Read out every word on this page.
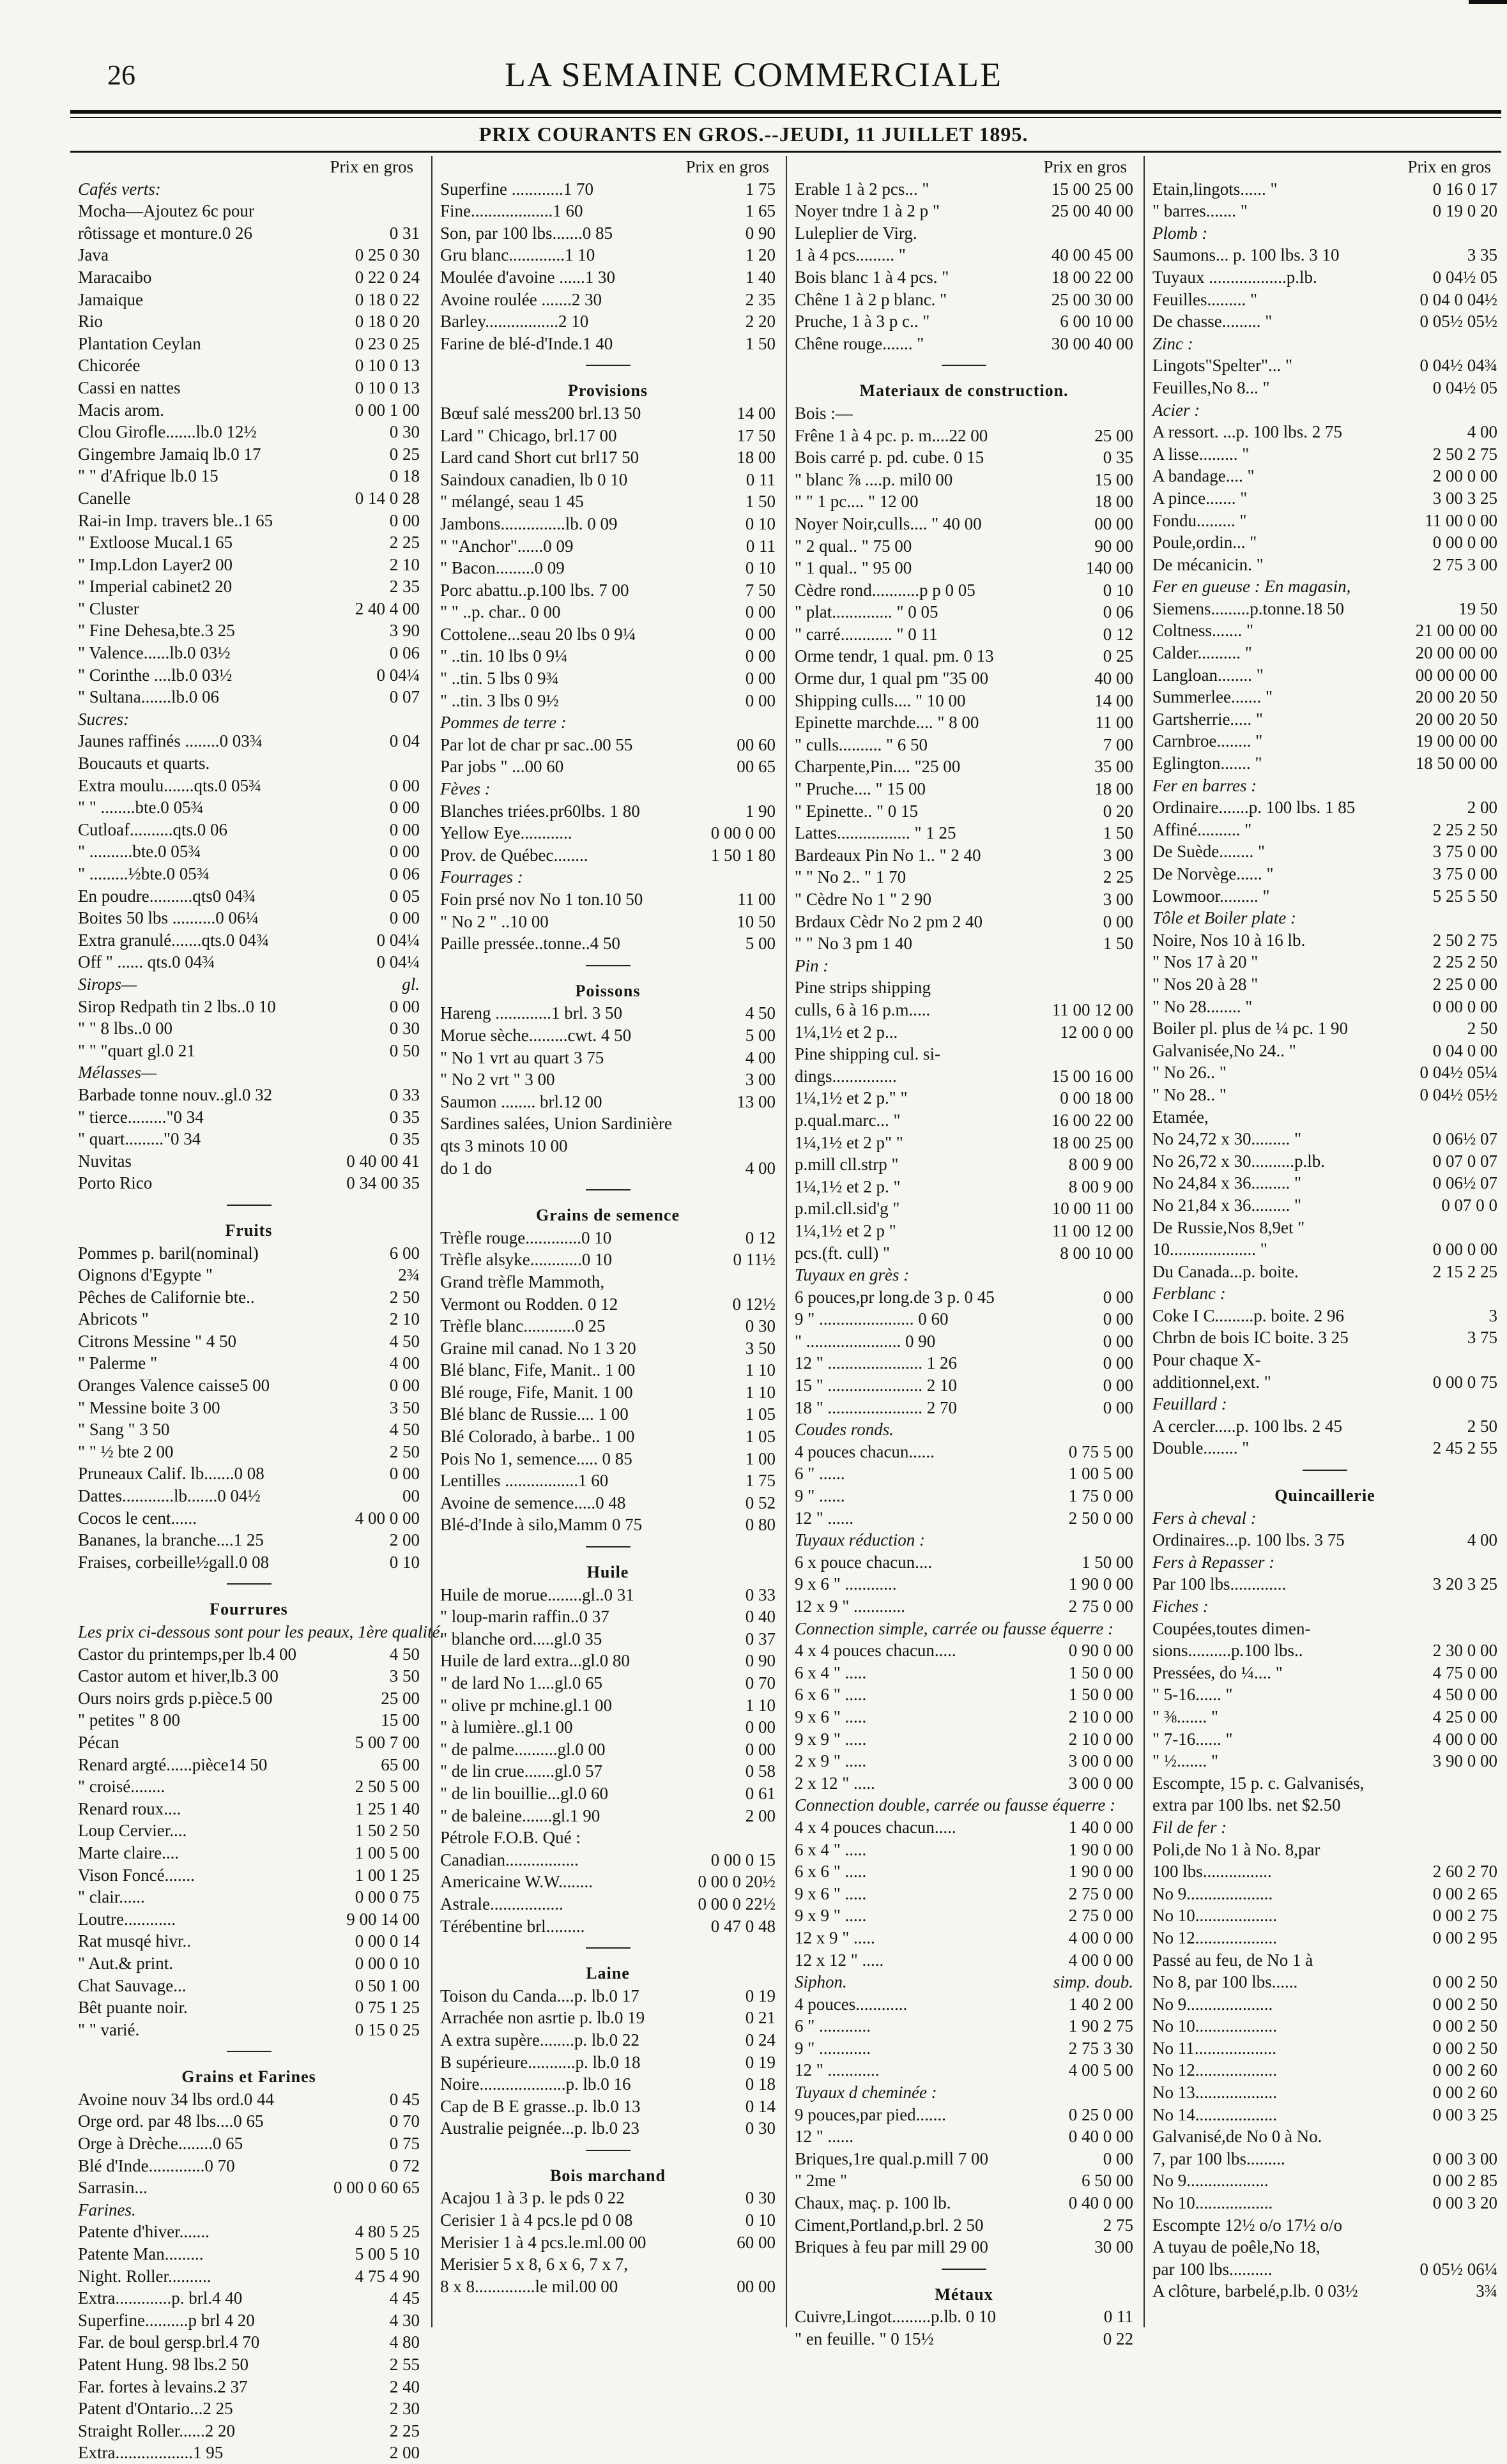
26	LA SEMAINE COMMERCIALE
PRIX COURANTS EN GROS.--JEUDI, 11 JUILLET 1895.
Prix en gros
Cafés verts:
Mocha—Ajoutez 6c pour
rôtissage et monture.0 26	0 31
Java	0 25 0 30
Maracaibo	0 22 0 24
Jamaique	0 18 0 22
Rio	0 18 0 20
Plantation Ceylan	0 23 0 25
Chicorée	0 10 0 13
Cassi en nattes	0 10 0 13
Macis arom.	0 00 1 00
Clou Girofle.......lb.0 12½	0 30
Gingembre Jamaiq lb.0 17	0 25
" " d'Afrique lb.0 15	0 18
Canelle	0 14 0 28
Rai-in Imp. travers ble..1 65	0 00
" Extloose Mucal.1 65	2 25
" Imp.Ldon Layer2 00	2 10
" Imperial cabinet2 20	2 35
" Cluster	2 40 4 00
" Fine Dehesa,bte.3 25	3 90
" Valence......lb.0 03½	0 06
" Corinthe ....lb.0 03½	0 04¼
" Sultana.......lb.0 06	0 07
Sucres:
Jaunes raffinés ........0 03¾	0 04
Boucauts et quarts.
Extra moulu.......qts.0 05¾	0 00
" " ........bte.0 05¾	0 00
Cutloaf..........qts.0 06	0 00
" ..........bte.0 05¾	0 00
" .........½bte.0 05¾	0 06
En poudre..........qts0 04¾	0 05
Boites 50 lbs ..........0 06¼	0 00
Extra granulé.......qts.0 04¾	0 04¼
Off " ...... qts.0 04¾	0 04¼
Sirops—	gl.
Sirop Redpath tin 2 lbs..0 10	0 00
" " 8 lbs..0 00	0 30
" " "quart gl.0 21	0 50
Mélasses—
Barbade tonne nouv..gl.0 32	0 33
" tierce........."0 34	0 35
" quart........."0 34	0 35
Nuvitas	0 40 00 41
Porto Rico	0 34 00 35
Fruits
Pommes p. baril(nominal)	6 00
Oignons d'Egypte "	2¾
Pêches de Californie bte..	2 50
Abricots "	2 10
Citrons Messine " 4 50	4 50
" Palerme "	4 00
Oranges Valence caisse5 00	0 00
" Messine boite 3 00	3 50
" Sang " 3 50	4 50
" " ½ bte 2 00	2 50
Pruneaux Calif. lb.......0 08	0 00
Dattes............lb.......0 04½	00
Cocos le cent......	4 00 0 00
Bananes, la branche....1 25	2 00
Fraises, corbeille½gall.0 08	0 10
Fourrures
Les prix ci-dessous sont pour les peaux, 1ère qualité.
Castor du printemps,per lb.4 00	4 50
Castor autom et hiver,lb.3 00	3 50
Ours noirs grds p.pièce.5 00	25 00
" petites " 8 00	15 00
Pécan	5 00 7 00
Renard argté......pièce14 50	65 00
" croisé........	2 50 5 00
Renard roux....	1 25 1 40
Loup Cervier....	1 50 2 50
Marte claire....	1 00 5 00
Vison Foncé.......	1 00 1 25
" clair......	0 00 0 75
Loutre............	9 00 14 00
Rat musqé hivr..	0 00 0 14
" Aut.& print.	0 00 0 10
Chat Sauvage...	0 50 1 00
Bêt puante noir.	0 75 1 25
" " varié.	0 15 0 25
Grains et Farines
Avoine nouv 34 lbs ord.0 44	0 45
Orge ord. par 48 lbs....0 65	0 70
Orge à Drèche........0 65	0 75
Blé d'Inde.............0 70	0 72
Sarrasin...	0 00 0 60 65
Farines.
Patente d'hiver.......	4 80 5 25
Patente Man.........	5 00 5 10
Night. Roller..........	4 75 4 90
Extra.............p. brl.4 40	4 45
Superfine..........p brl 4 20	4 30
Far. de boul gersp.brl.4 70	4 80
Patent Hung. 98 lbs.2 50	2 55
Far. fortes à levains.2 37	2 40
Patent d'Ontario...2 25	2 30
Straight Roller......2 20	2 25
Extra..................1 95	2 00
Prix en gros
Superfine ............1 70	1 75
Fine...................1 60	1 65
Son, par 100 lbs.......0 85	0 90
Gru blanc.............1 10	1 20
Moulée d'avoine ......1 30	1 40
Avoine roulée .......2 30	2 35
Barley.................2 10	2 20
Farine de blé-d'Inde.1 40	1 50
Provisions
Bœuf salé mess200 brl.13 50	14 00
Lard " Chicago, brl.17 00	17 50
Lard cand Short cut brl17 50	18 00
Saindoux canadien, lb 0 10	0 11
" mélangé, seau 1 45	1 50
Jambons...............lb. 0 09	0 10
" "Anchor"......0 09	0 11
" Bacon.........0 09	0 10
Porc abattu..p.100 lbs. 7 00	7 50
" " ..p. char.. 0 00	0 00
Cottolene...seau 20 lbs 0 9¼	0 00
" ..tin. 10 lbs 0 9¼	0 00
" ..tin. 5 lbs 0 9¾	0 00
" ..tin. 3 lbs 0 9½	0 00
Pommes de terre :
Par lot de char pr sac..00 55	00 60
Par jobs " ...00 60	00 65
Fèves :
Blanches triées.pr60lbs. 1 80	1 90
Yellow Eye............	0 00 0 00
Prov. de Québec........	1 50 1 80
Fourrages :
Foin prsé nov No 1 ton.10 50	11 00
" No 2 " ..10 00	10 50
Paille pressée..tonne..4 50	5 00
Poissons
Hareng .............1 brl. 3 50	4 50
Morue sèche.........cwt. 4 50	5 00
" No 1 vrt au quart 3 75	4 00
" No 2 vrt " 3 00	3 00
Saumon ........ brl.12 00	13 00
Sardines salées, Union Sardinière
qts 3 minots 10 00
do 1 do	4 00
Grains de semence
Trèfle rouge.............0 10	0 12
Trèfle alsyke............0 10	0 11½
Grand trèfle Mammoth,
Vermont ou Rodden. 0 12	0 12½
Trèfle blanc............0 25	0 30
Graine mil canad. No 1 3 20	3 50
Blé blanc, Fife, Manit.. 1 00	1 10
Blé rouge, Fife, Manit. 1 00	1 10
Blé blanc de Russie.... 1 00	1 05
Blé Colorado, à barbe.. 1 00	1 05
Pois No 1, semence..... 0 85	1 00
Lentilles .................1 60	1 75
Avoine de semence.....0 48	0 52
Blé-d'Inde à silo,Mamm 0 75	0 80
Huile
Huile de morue........gl..0 31	0 33
" loup-marin raffin..0 37	0 40
" blanche ord.....gl.0 35	0 37
Huile de lard extra...gl.0 80	0 90
" de lard No 1....gl.0 65	0 70
" olive pr mchine.gl.1 00	1 10
" à lumière..gl.1 00	0 00
" de palme..........gl.0 00	0 00
" de lin crue.......gl.0 57	0 58
" de lin bouillie...gl.0 60	0 61
" de baleine.......gl.1 90	2 00
Pétrole F.O.B. Qué :
Canadian.................	0 00 0 15
Americaine W.W........	0 00 0 20½
Astrale.................	0 00 0 22½
Térébentine brl.........	0 47 0 48
Laine
Toison du Canda....p. lb.0 17	0 19
Arrachée non asrtie p. lb.0 19	0 21
A extra supère........p. lb.0 22	0 24
B supérieure...........p. lb.0 18	0 19
Noire....................p. lb.0 16	0 18
Cap de B E grasse..p. lb.0 13	0 14
Australie peignée...p. lb.0 23	0 30
Bois marchand
Acajou 1 à 3 p. le pds 0 22	0 30
Cerisier 1 à 4 pcs.le pd 0 08	0 10
Merisier 1 à 4 pcs.le.ml.00 00	60 00
Merisier 5 x 8, 6 x 6, 7 x 7,
8 x 8..............le mil.00 00	00 00
Prix en gros
Erable 1 à 2 pcs... "	15 00 25 00
Noyer tndre 1 à 2 p "	25 00 40 00
Luleplier de Virg.
1 à 4 pcs......... "	40 00 45 00
Bois blanc 1 à 4 pcs. "	18 00 22 00
Chêne 1 à 2 p blanc. "	25 00 30 00
Pruche, 1 à 3 p c.. "	6 00 10 00
Chêne rouge....... "	30 00 40 00
Materiaux de construction.
Bois :—
Frêne 1 à 4 pc. p. m....22 00	25 00
Bois carré p. pd. cube. 0 15	0 35
" blanc ⅞ ....p. mil0 00	15 00
" " 1 pc.... " 12 00	18 00
Noyer Noir,culls.... " 40 00	00 00
" 2 qual.. " 75 00	90 00
" 1 qual.. " 95 00	140 00
Cèdre rond...........p p 0 05	0 10
" plat.............. " 0 05	0 06
" carré............ " 0 11	0 12
Orme tendr, 1 qual. pm. 0 13	0 25
Orme dur, 1 qual pm "35 00	40 00
Shipping culls.... " 10 00	14 00
Epinette marchde.... " 8 00	11 00
" culls.......... " 6 50	7 00
Charpente,Pin.... "25 00	35 00
" Pruche.... " 15 00	18 00
" Epinette.. " 0 15	0 20
Lattes................. " 1 25	1 50
Bardeaux Pin No 1.. " 2 40	3 00
" " No 2.. " 1 70	2 25
" Cèdre No 1 " 2 90	3 00
Brdaux Cèdr No 2 pm 2 40	0 00
" " No 3 pm 1 40	1 50
Pin :
Pine strips shipping
culls, 6 à 16 p.m.....	11 00 12 00
1¼,1½ et 2 p...	12 00 0 00
Pine shipping cul. si-
dings...............	15 00 16 00
1¼,1½ et 2 p." "	0 00 18 00
p.qual.marc... "	16 00 22 00
1¼,1½ et 2 p" "	18 00 25 00
p.mill cll.strp "	8 00 9 00
1¼,1½ et 2 p. "	8 00 9 00
p.mil.cll.sid'g "	10 00 11 00
1¼,1½ et 2 p "	11 00 12 00
pcs.(ft. cull) "	8 00 10 00
Tuyaux en grès :
6 pouces,pr long.de 3 p. 0 45	0 00
9 " ...................... 0 60	0 00
" ...................... 0 90	0 00
12 " ...................... 1 26	0 00
15 " ...................... 2 10	0 00
18 " ...................... 2 70	0 00
Coudes ronds.
4 pouces chacun......	0 75 5 00
6 " ......	1 00 5 00
9 " ......	1 75 0 00
12 " ......	2 50 0 00
Tuyaux réduction :
6 x pouce chacun....	1 50 00
9 x 6 " ............	1 90 0 00
12 x 9 " ............	2 75 0 00
Connection simple, carrée ou fausse équerre :
4 x 4 pouces chacun.....	0 90 0 00
6 x 4 " .....	1 50 0 00
6 x 6 " .....	1 50 0 00
9 x 6 " .....	2 10 0 00
9 x 9 " .....	2 10 0 00
2 x 9 " .....	3 00 0 00
2 x 12 " .....	3 00 0 00
Connection double, carrée ou fausse équerre :
4 x 4 pouces chacun.....	1 40 0 00
6 x 4 " .....	1 90 0 00
6 x 6 " .....	1 90 0 00
9 x 6 " .....	2 75 0 00
9 x 9 " .....	2 75 0 00
12 x 9 " .....	4 00 0 00
12 x 12 " .....	4 00 0 00
Siphon.	simp. doub.
4 pouces............	1 40 2 00
6 " ............	1 90 2 75
9 " ............	2 75 3 30
12 " ............	4 00 5 00
Tuyaux d cheminée :
9 pouces,par pied.......	0 25 0 00
12 " ......	0 40 0 00
Briques,1re qual.p.mill 7 00	0 00
" 2me "	6 50 00
Chaux, maç. p. 100 lb.	0 40 0 00
Ciment,Portland,p.brl. 2 50	2 75
Briques à feu par mill 29 00	30 00
Métaux
Cuivre,Lingot.........p.lb. 0 10	0 11
" en feuille. " 0 15½	0 22
Prix en gros
Etain,lingots...... "	0 16 0 17
" barres....... "	0 19 0 20
Plomb :
Saumons... p. 100 lbs. 3 10	3 35
Tuyaux ..................p.lb.	0 04½ 05
Feuilles......... "	0 04 0 04½
De chasse......... "	0 05½ 05½
Zinc :
Lingots"Spelter"... "	0 04½ 04¾
Feuilles,No 8... "	0 04½ 05
Acier :
A ressort. ...p. 100 lbs. 2 75	4 00
A lisse......... "	2 50 2 75
A bandage.... "	2 00 0 00
A pince....... "	3 00 3 25
Fondu......... "	11 00 0 00
Poule,ordin... "	0 00 0 00
De mécanicin. "	2 75 3 00
Fer en gueuse : En magasin,
Siemens.........p.tonne.18 50	19 50
Coltness....... "	21 00 00 00
Calder.......... "	20 00 00 00
Langloan........ "	00 00 00 00
Summerlee....... "	20 00 20 50
Gartsherrie..... "	20 00 20 50
Carnbroe........ "	19 00 00 00
Eglington....... "	18 50 00 00
Fer en barres :
Ordinaire.......p. 100 lbs. 1 85	2 00
Affiné.......... "	2 25 2 50
De Suède........ "	3 75 0 00
De Norvège...... "	3 75 0 00
Lowmoor......... "	5 25 5 50
Tôle et Boiler plate :
Noire, Nos 10 à 16 lb.	2 50 2 75
" Nos 17 à 20 "	2 25 2 50
" Nos 20 à 28 "	2 25 0 00
" No 28........ "	0 00 0 00
Boiler pl. plus de ¼ pc. 1 90	2 50
Galvanisée,No 24.. "	0 04 0 00
" No 26.. "	0 04½ 05¼
" No 28.. "	0 04½ 05½
Etamée,
No 24,72 x 30......... "	0 06½ 07
No 26,72 x 30..........p.lb.	0 07 0 07
No 24,84 x 36......... "	0 06½ 07
No 21,84 x 36......... "	0 07 0 0
De Russie,Nos 8,9et "
10.................... "	0 00 0 00
Du Canada...p. boite.	2 15 2 25
Ferblanc :
Coke I C.........p. boite. 2 96	3
Chrbn de bois IC boite. 3 25	3 75
Pour chaque X-
additionnel,ext. "	0 00 0 75
Feuillard :
A cercler.....p. 100 lbs. 2 45	2 50
Double........ "	2 45 2 55
Quincaillerie
Fers à cheval :
Ordinaires...p. 100 lbs. 3 75	4 00
Fers à Repasser :
Par 100 lbs.............	3 20 3 25
Fiches :
Coupées,toutes dimen-
sions..........p.100 lbs..	2 30 0 00
Pressées, do ¼.... "	4 75 0 00
" 5-16...... "	4 50 0 00
" ⅜....... "	4 25 0 00
" 7-16...... "	4 00 0 00
" ½....... "	3 90 0 00
Escompte, 15 p. c. Galvanisés,
extra par 100 lbs. net $2.50
Fil de fer :
Poli,de No 1 à No. 8,par
100 lbs................	2 60 2 70
No 9....................	0 00 2 65
No 10...................	0 00 2 75
No 12...................	0 00 2 95
Passé au feu, de No 1 à
No 8, par 100 lbs......	0 00 2 50
No 9....................	0 00 2 50
No 10...................	0 00 2 50
No 11...................	0 00 2 50
No 12...................	0 00 2 60
No 13...................	0 00 2 60
No 14...................	0 00 3 25
Galvanisé,de No 0 à No.
7, par 100 lbs.........	0 00 3 00
No 9...................	0 00 2 85
No 10..................	0 00 3 20
Escompte 12½ o/o 17½ o/o
A tuyau de poêle,No 18,
par 100 lbs..........	0 05½ 06¼
A clôture, barbelé,p.lb. 0 03½	3¾
